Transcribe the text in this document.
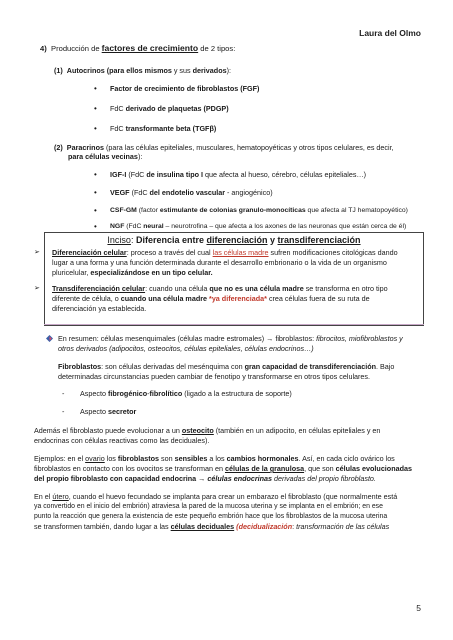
Laura del Olmo
4) Producción de factores de crecimiento de 2 tipos:
(1) Autocrinos (para ellos mismos y sus derivados):
• Factor de crecimiento de fibroblastos (FGF)
• FdC derivado de plaquetas (PDGP)
• FdC transformante beta (TGFβ)
(2) Paracrinos (para las células epiteliales, musculares, hematopoyéticas y otros tipos celulares, es decir,
para células vecinas):
• IGF-I (FdC de insulina tipo I que afecta al hueso, cérebro, células epiteliales…)
• VEGF (FdC del endotelio vascular - angiogénico)
• CSF-GM (factor estimulante de colonias granulo-monocíticas que afecta al TJ hematopoyético)
• NGF (FdC neural – neurotrofina – que afecta a los axones de las neuronas que están cerca de él)
Inciso: Diferencia entre diferenciación y transdiferenciación
➢ Diferenciación celular: proceso a través del cual las células madre sufren modificaciones citológicas dando
lugar a una forma y una función determinada durante el desarrollo embrionario o la vida de un organismo
pluricelular, especializándose en un tipo celular.
➢ Transdiferenciación celular: cuando una célula que no es una célula madre se transforma en otro tipo
diferente de célula, o cuando una célula madre *ya diferenciada* crea células fuera de su ruta de
diferenciación ya establecida.
En resumen: células mesenquimales (células madre estromales) → fibroblastos: fibrocitos, miofibroblastos y
otros derivados (adipocitos, osteocitos, células epiteliales, células endocrinos…)
Fibroblastos: son células derivadas del mesénquima con gran capacidad de transdiferenciación. Bajo
determinadas circunstancias pueden cambiar de fenotipo y transformarse en otros tipos celulares.
- Aspecto fibrogénico-fibrolítico (ligado a la estructura de soporte)
- Aspecto secretor
Además el fibroblasto puede evolucionar a un osteocito (también en un adipocito, en células epiteliales y en
endocrinas con células reactivas como las deciduales).
Ejemplos: en el ovario los fibroblastos son sensibles a los cambios hormonales. Así, en cada ciclo ovárico los
fibroblastos en contacto con los ovocitos se transforman en células de la granulosa, que son células evolucionadas
del propio fibroblasto con capacidad endocrina → células endocrinas derivadas del propio fibroblasto.
En el útero, cuando el huevo fecundado se implanta para crear un embarazo el fibroblasto (que normalmente está
ya convertido en el inicio del embrión) atraviesa la pared de la mucosa uterina y se implanta en el embrión; en ese
punto la reacción que genera la existencia de este pequeño embrión hace que los fibroblastos de la mucosa uterina
se transformen también, dando lugar a las células deciduales (decidualización: transformación de las células
5
